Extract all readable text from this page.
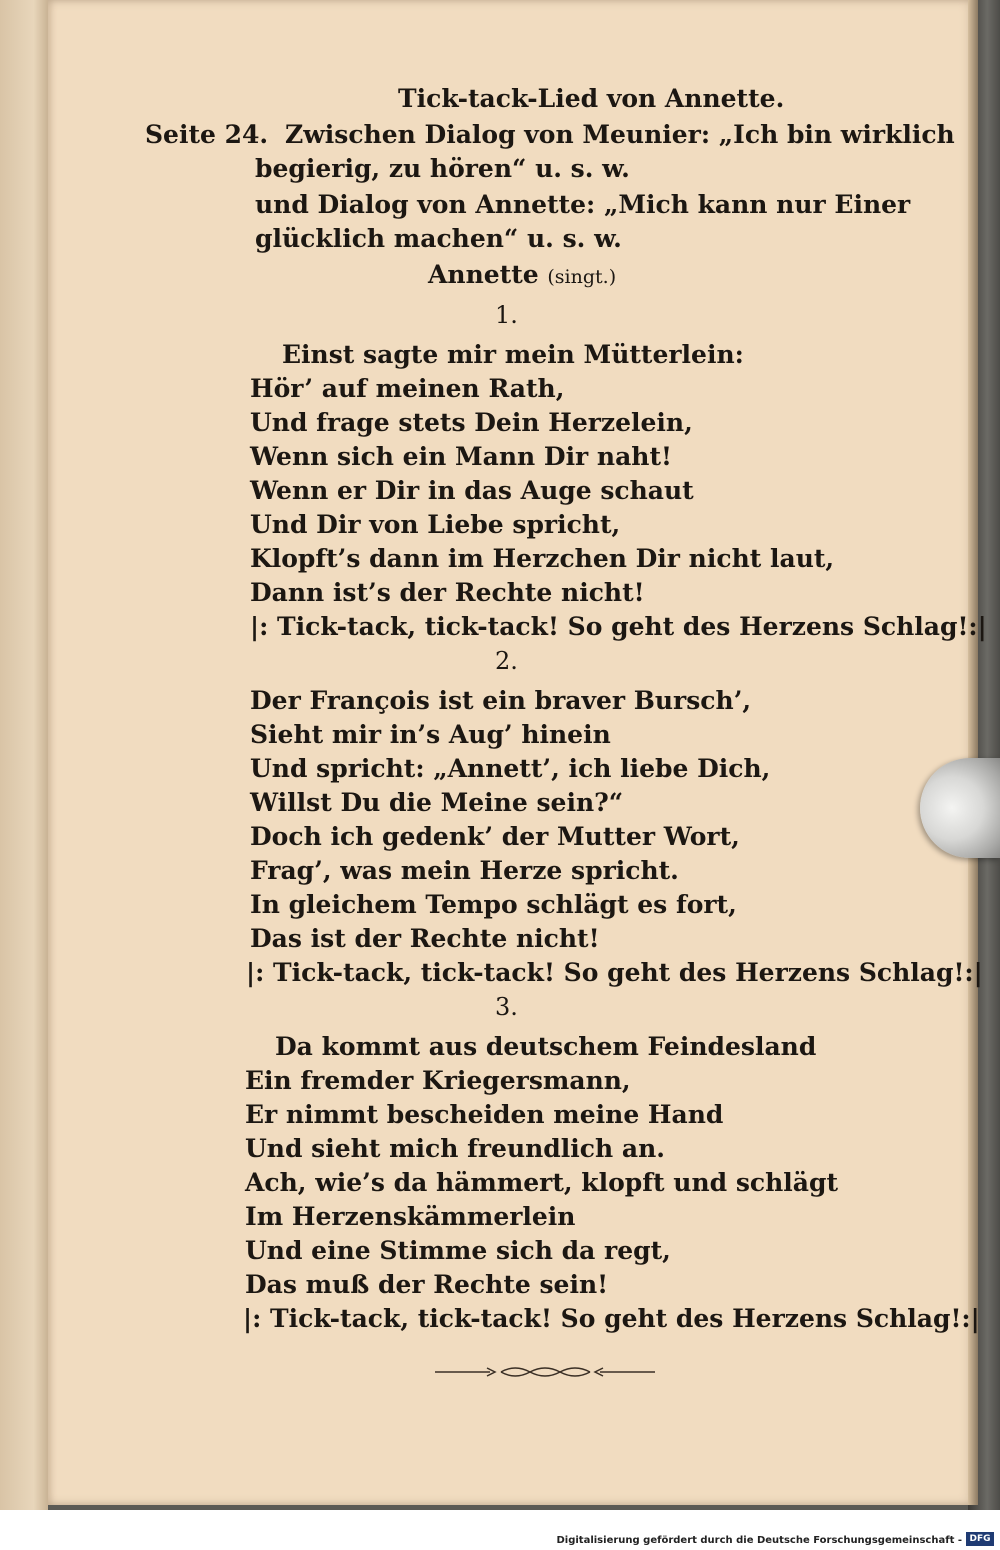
Tick-tack-Lied von Annette.
Seite 24. Zwischen Dialog von Meunier: „Ich bin wirklich
begierig, zu hören“ u. s. w.
und Dialog von Annette: „Mich kann nur Einer
glücklich machen“ u. s. w.
Annette (singt.)
1.
Einst sagte mir mein Mütterlein:
Hör’ auf meinen Rath,
Und frage stets Dein Herzelein,
Wenn sich ein Mann Dir naht!
Wenn er Dir in das Auge schaut
Und Dir von Liebe spricht,
Klopft’s dann im Herzchen Dir nicht laut,
Dann ist’s der Rechte nicht!
|: Tick-tack, tick-tack! So geht des Herzens Schlag!:|
2.
Der François ist ein braver Bursch’,
Sieht mir in’s Aug’ hinein
Und spricht: „Annett’, ich liebe Dich,
Willst Du die Meine sein?“
Doch ich gedenk’ der Mutter Wort,
Frag’, was mein Herze spricht.
In gleichem Tempo schlägt es fort,
Das ist der Rechte nicht!
|: Tick-tack, tick-tack! So geht des Herzens Schlag!:|
3.
Da kommt aus deutschem Feindesland
Ein fremder Kriegersmann,
Er nimmt bescheiden meine Hand
Und sieht mich freundlich an.
Ach, wie’s da hämmert, klopft und schlägt
Im Herzenskämmerlein
Und eine Stimme sich da regt,
Das muß der Rechte sein!
|: Tick-tack, tick-tack! So geht des Herzens Schlag!:|
Digitalisierung gefördert durch die Deutsche Forschungsgemeinschaft - DFG
